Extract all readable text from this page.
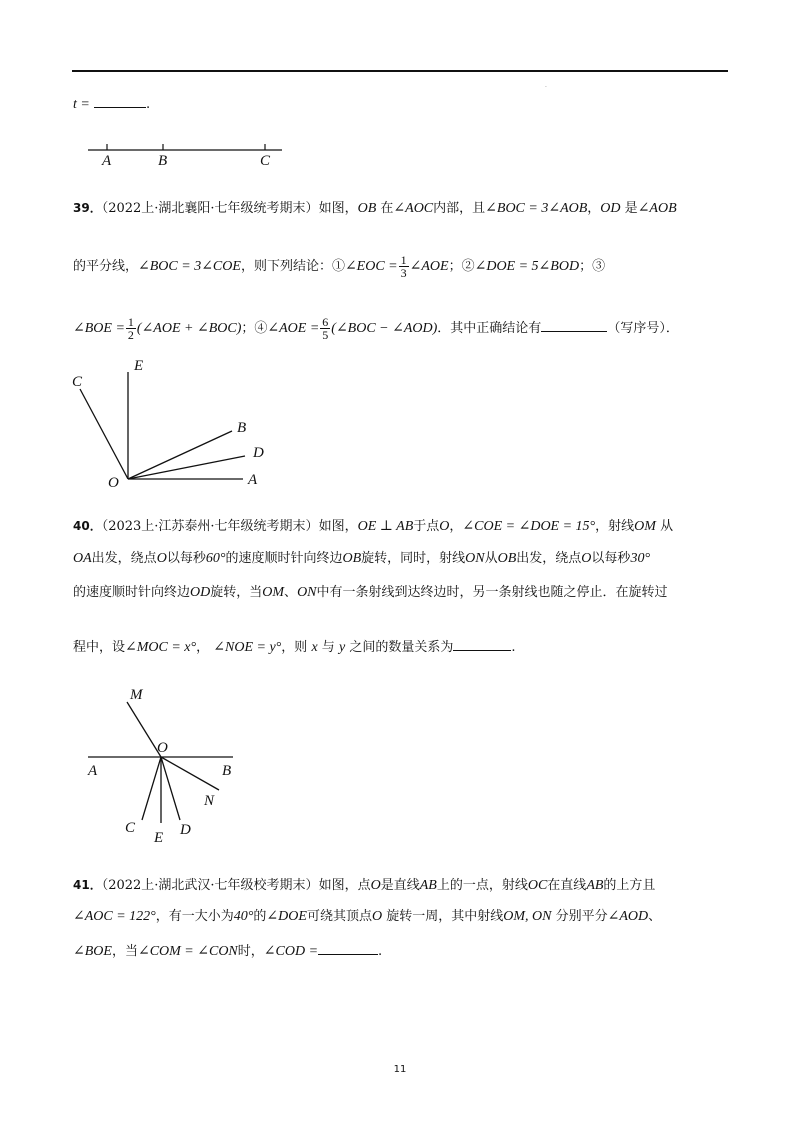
·
t =	.
39．（2022上·湖北襄阳·七年级统考期末）如图，OB 在∠AOC内部，且∠BOC = 3∠AOB，OD 是∠AOB
的平分线，∠BOC = 3∠COE，则下列结论：①∠EOC = $\frac{1}{3}$ ∠AOE；②∠DOE = 5∠BOD；③
∠BOE = $\frac{1}{2}$ (∠AOE + ∠BOC)；④∠AOE = $\frac{6}{5}$ (∠BOC − ∠AOD)．其中正确结论有	（写序号）．
40．（2023上·江苏泰州·七年级统考期末）如图，OE ⊥ AB于点O，∠COE = ∠DOE = 15°，射线OM 从
OA出发，绕点O以每秒60°的速度顺时针向终边OB旋转，同时，射线ON从OB出发，绕点O以每秒30°
的速度顺时针向终边OD旋转，当OM、ON中有一条射线到达终边时，另一条射线也随之停止．在旋转过
程中，设∠MOC = x°， ∠NOE = y°，则 x 与 y 之间的数量关系为	.
41．（2022上·湖北武汉·七年级校考期末）如图，点O是直线AB上的一点，射线OC在直线AB的上方且
∠AOC = 122°，有一大小为40°的∠DOE可绕其顶点O 旋转一周，其中射线OM, ON 分别平分∠AOD、
∠BOE，当∠COM = ∠CON时，∠COD =	.
11
A	B	C
C
E
B
D
O	A
M
O
A	B
N
C
E D
